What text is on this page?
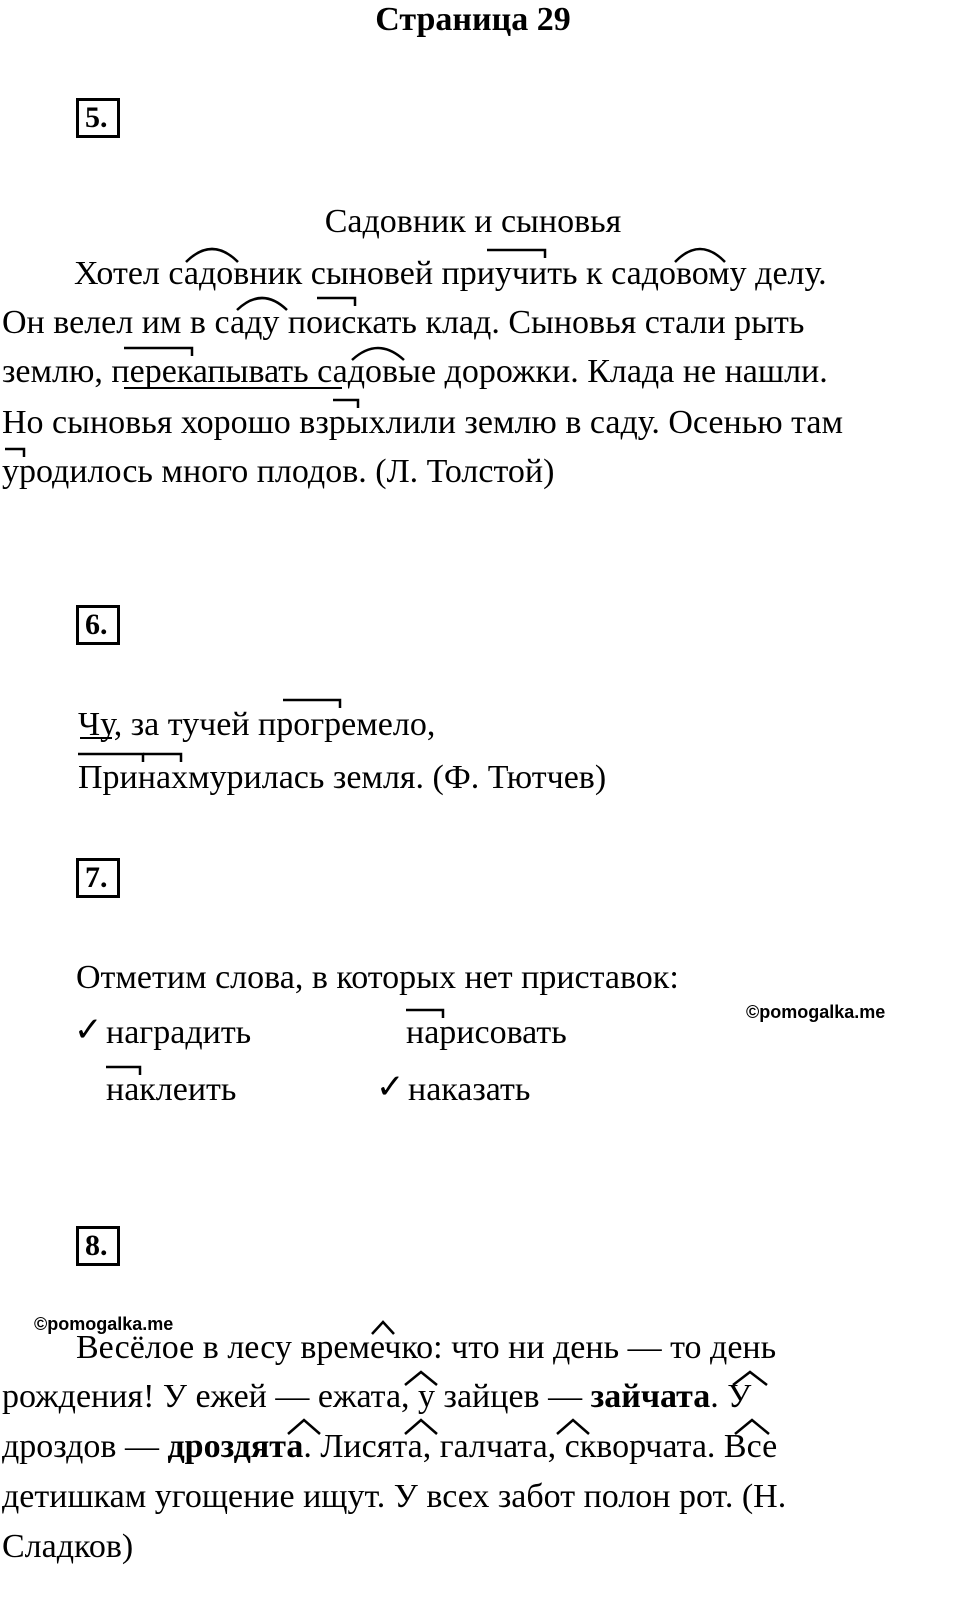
Страница 29
5.
Садовник и сыновья
Хотел садовник сыновей приучить к садовому делу.
Он велел им в саду поискать клад. Сыновья стали рыть
землю, перекапывать садовые дорожки. Клада не нашли.
Но сыновья хорошо взрыхлили землю в саду. Осенью там
уродилось много плодов. (Л. Толстой)
6.
Чу, за тучей прогремело,
Принахмурилась земля. (Ф. Тютчев)
7.
Отметим слова, в которых нет приставок:
©pomogalka.me
✓ наградить	нарисовать
наклеить	✓ наказать
8.
©pomogalka.me
Весёлое в лесу времечко: что ни день — то день
рождения! У ежей — ежата, у зайцев — зайчата. У
дроздов — дроздята. Лисята, галчата, скворчата. Все
детишкам угощение ищут. У всех забот полон рот. (Н.
Сладков)
